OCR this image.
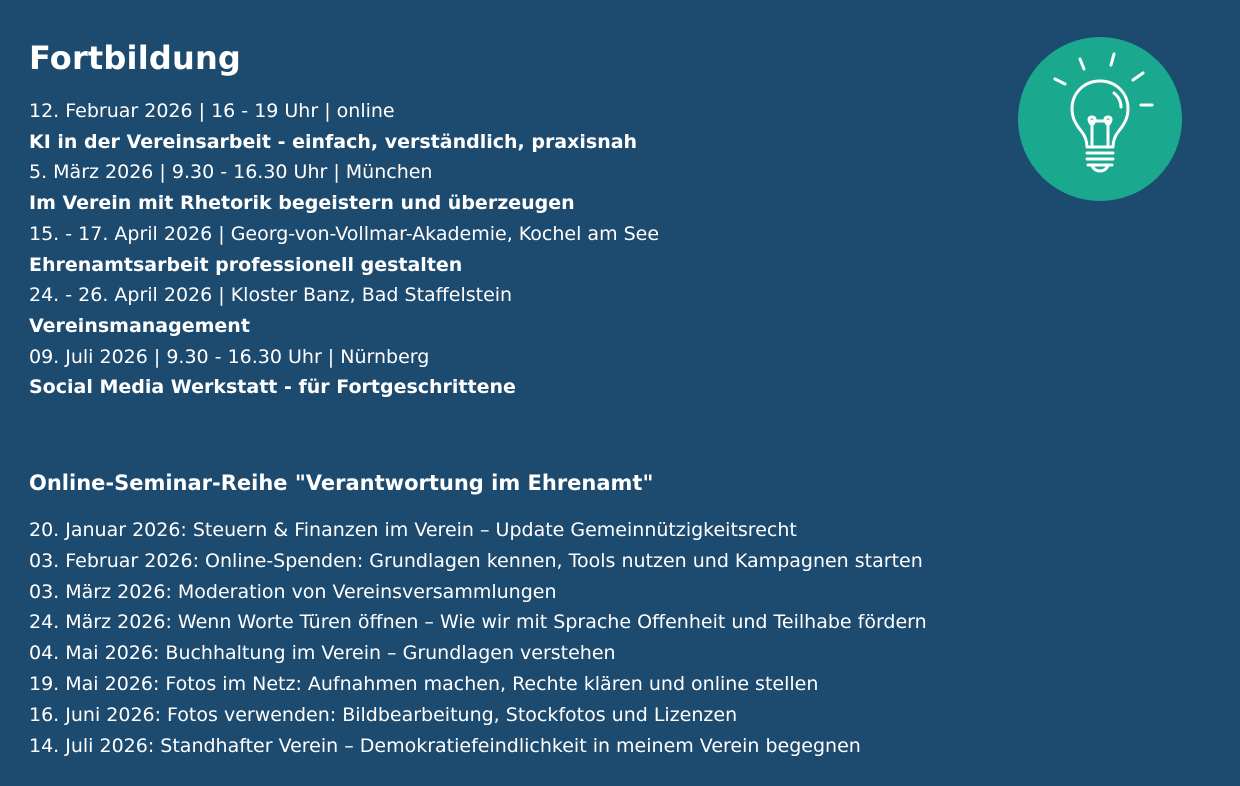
Fortbildung
12. Februar 2026 | 16 - 19 Uhr | online
KI in der Vereinsarbeit - einfach, verständlich, praxisnah
5. März 2026 | 9.30 - 16.30 Uhr | München
Im Verein mit Rhetorik begeistern und überzeugen
15. - 17. April 2026 | Georg-von-Vollmar-Akademie, Kochel am See
Ehrenamtsarbeit professionell gestalten
24. - 26. April 2026 | Kloster Banz, Bad Staffelstein
Vereinsmanagement
09. Juli 2026 | 9.30 - 16.30 Uhr | Nürnberg
Social Media Werkstatt - für Fortgeschrittene
Online-Seminar-Reihe "Verantwortung im Ehrenamt"
20. Januar 2026: Steuern & Finanzen im Verein – Update Gemeinnützigkeitsrecht
03. Februar 2026: Online-Spenden: Grundlagen kennen, Tools nutzen und Kampagnen starten
03. März 2026: Moderation von Vereinsversammlungen
24. März 2026: Wenn Worte Türen öffnen – Wie wir mit Sprache Offenheit und Teilhabe fördern
04. Mai 2026: Buchhaltung im Verein – Grundlagen verstehen
19. Mai 2026: Fotos im Netz: Aufnahmen machen, Rechte klären und online stellen
16. Juni 2026: Fotos verwenden: Bildbearbeitung, Stockfotos und Lizenzen
14. Juli 2026: Standhafter Verein – Demokratiefeindlichkeit in meinem Verein begegnen
